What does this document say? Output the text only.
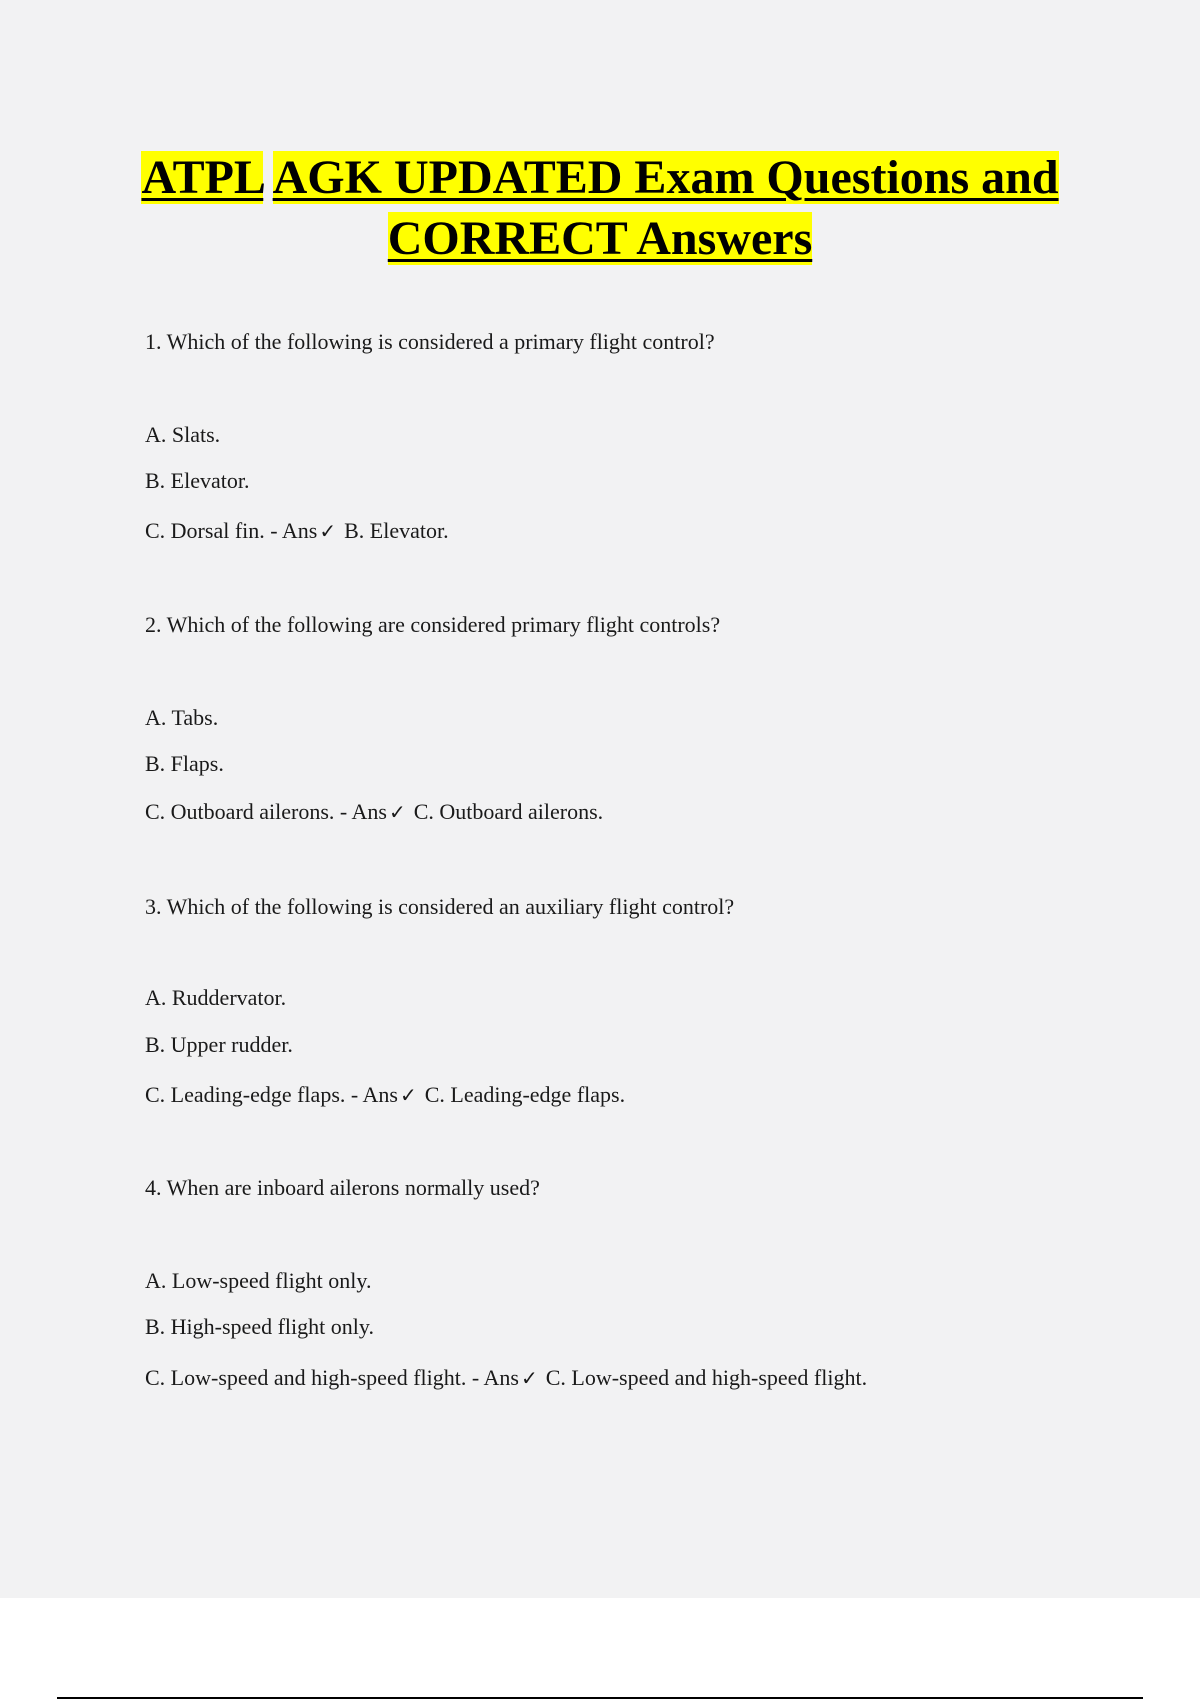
ATPL AGK UPDATED Exam Questions and
CORRECT Answers

1. Which of the following is considered a primary flight control?

A. Slats.

B. Elevator.

C. Dorsal fin. - Ans ✓ B. Elevator.

2. Which of the following are considered primary flight controls?

A. Tabs.

B. Flaps.

C. Outboard ailerons. - Ans ✓ C. Outboard ailerons.

3. Which of the following is considered an auxiliary flight control?

A. Ruddervator.

B. Upper rudder.

C. Leading-edge flaps. - Ans ✓ C. Leading-edge flaps.

4. When are inboard ailerons normally used?

A. Low-speed flight only.

B. High-speed flight only.

C. Low-speed and high-speed flight. - Ans ✓ C. Low-speed and high-speed flight.
